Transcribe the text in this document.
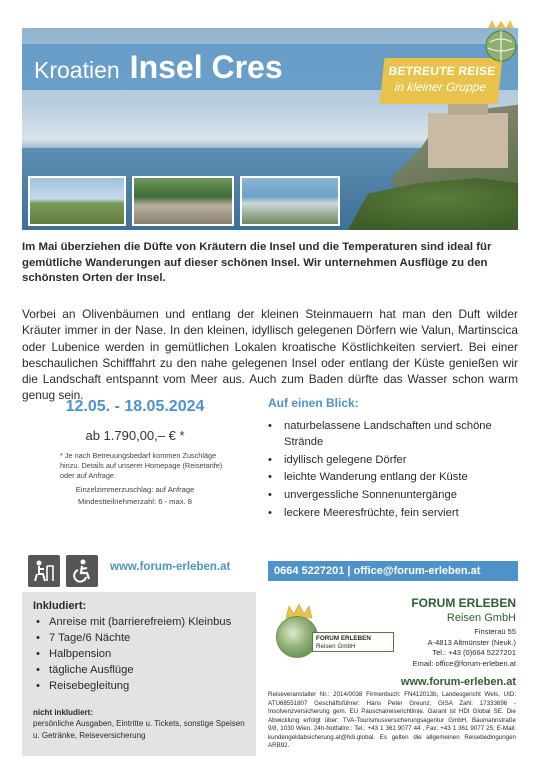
Kroatien Insel Cres	BETREUTE REISE
in kleiner Gruppe

Im Mai überziehen die Düfte von Kräutern die Insel und die Temperaturen sind ideal für gemütliche Wanderungen auf dieser schönen Insel. Wir unternehmen Ausflüge zu den schönsten Orten der Insel.

Vorbei an Olivenbäumen und entlang der kleinen Steinmauern hat man den Duft wilder Kräuter immer in der Nase. In den kleinen, idyllisch gelegenen Dörfern wie Valun, Martinscica oder Lubenice werden in gemütlichen Lokalen kroatische Köstlichkeiten serviert. Bei einer beschaulichen Schifffahrt zu den nahe gelegenen Insel oder entlang der Küste genießen wir die Landschaft entspannt vom Meer aus. Auch zum Baden dürfte das Wasser schon warm genug sein.

12.05. - 18.05.2024
ab 1.790,00,– € *
* Je nach Betreuungsbedarf kommen Zuschläge hinzu. Details auf unserer Homepage (Reisetarife) oder auf Anfrage.
Einzelzimmerzuschlag: auf Anfrage
Mindestteilnehmerzahl: 6 - max. 8
www.forum-erleben.at
Inkludiert:
• Anreise mit (barrierefreiem) Kleinbus
• 7 Tage/6 Nächte
• Halbpension
• tägliche Ausflüge
• Reisebegleitung
nicht inkludiert:
persönliche Ausgaben, Eintritte u. Tickets, sonstige Speisen u. Getränke, Reiseversicherung
Auf einen Blick:
• naturbelassene Landschaften und schöne Strände
• idyllisch gelegene Dörfer
• leichte Wanderung entlang der Küste
• unvergessliche Sonnenuntergänge
• leckere Meeresfrüchte, fein serviert
0664 5227201 | office@forum-erleben.at
FORUM ERLEBEN
Reisen GmbH
FORUM ERLEBEN
Reisen GmbH
Finsteraü 55
A-4813 Altmünster (Neuk.)
Tel.: +43 (0)664 5227201
Email: office@forum-erleben.at
www.forum-erleben.at
Reiseveranstalter Nr.: 2014/0038 Firmenbuch: FN412013b, Landesgericht Wels, UID: ATU68551807 Geschäftsführer: Hans Peter Greunz, GISA Zahl: 17333696 - Insolvenzversicherung gem. EU Pauschalreiserichtlinie. Garant ist HDI Global SE. Die Abwicklung erfolgt über: TVA-Tourismusversicherungsagentur GmbH, Baumannstraße 9/8, 1030 Wien. 24h-Notfallnr.: Tel.: +43 1 361 9077 44 , Fax: +43 1 361 9077 25; E-Mail: kundengeldabsicherung.at@hdi.global. Es gelten die allgemeinen Reisebedingungen ARB92.
